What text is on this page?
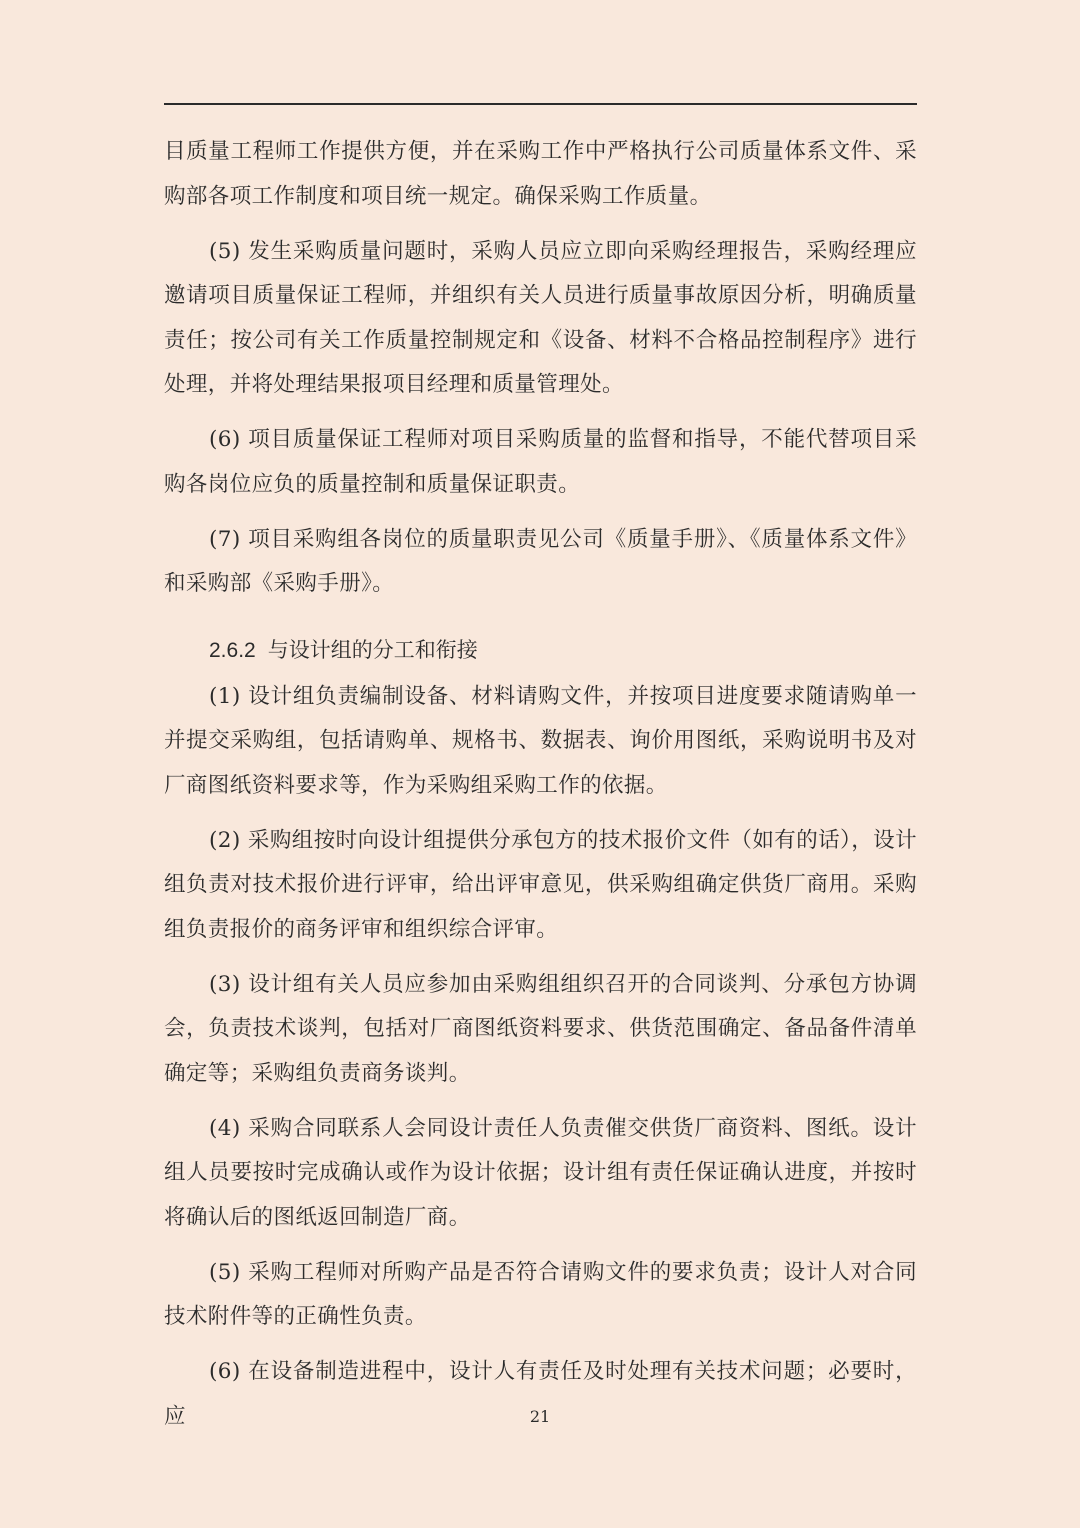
目质量工程师工作提供方便，并在采购工作中严格执行公司质量体系文件、采购部各项工作制度和项目统一规定。确保采购工作质量。

(5) 发生采购质量问题时，采购人员应立即向采购经理报告，采购经理应邀请项目质量保证工程师，并组织有关人员进行质量事故原因分析，明确质量责任；按公司有关工作质量控制规定和《设备、材料不合格品控制程序》进行处理，并将处理结果报项目经理和质量管理处。

(6) 项目质量保证工程师对项目采购质量的监督和指导，不能代替项目采购各岗位应负的质量控制和质量保证职责。

(7) 项目采购组各岗位的质量职责见公司《质量手册》、《质量体系文件》和采购部《采购手册》。

2.6.2 与设计组的分工和衔接

(1) 设计组负责编制设备、材料请购文件，并按项目进度要求随请购单一并提交采购组，包括请购单、规格书、数据表、询价用图纸，采购说明书及对厂商图纸资料要求等，作为采购组采购工作的依据。

(2) 采购组按时向设计组提供分承包方的技术报价文件（如有的话），设计组负责对技术报价进行评审，给出评审意见，供采购组确定供货厂商用。采购组负责报价的商务评审和组织综合评审。

(3) 设计组有关人员应参加由采购组组织召开的合同谈判、分承包方协调会，负责技术谈判，包括对厂商图纸资料要求、供货范围确定、备品备件清单确定等；采购组负责商务谈判。

(4) 采购合同联系人会同设计责任人负责催交供货厂商资料、图纸。设计组人员要按时完成确认或作为设计依据；设计组有责任保证确认进度，并按时将确认后的图纸返回制造厂商。

(5) 采购工程师对所购产品是否符合请购文件的要求负责；设计人对合同技术附件等的正确性负责。

(6) 在设备制造进程中，设计人有责任及时处理有关技术问题；必要时，应	21
